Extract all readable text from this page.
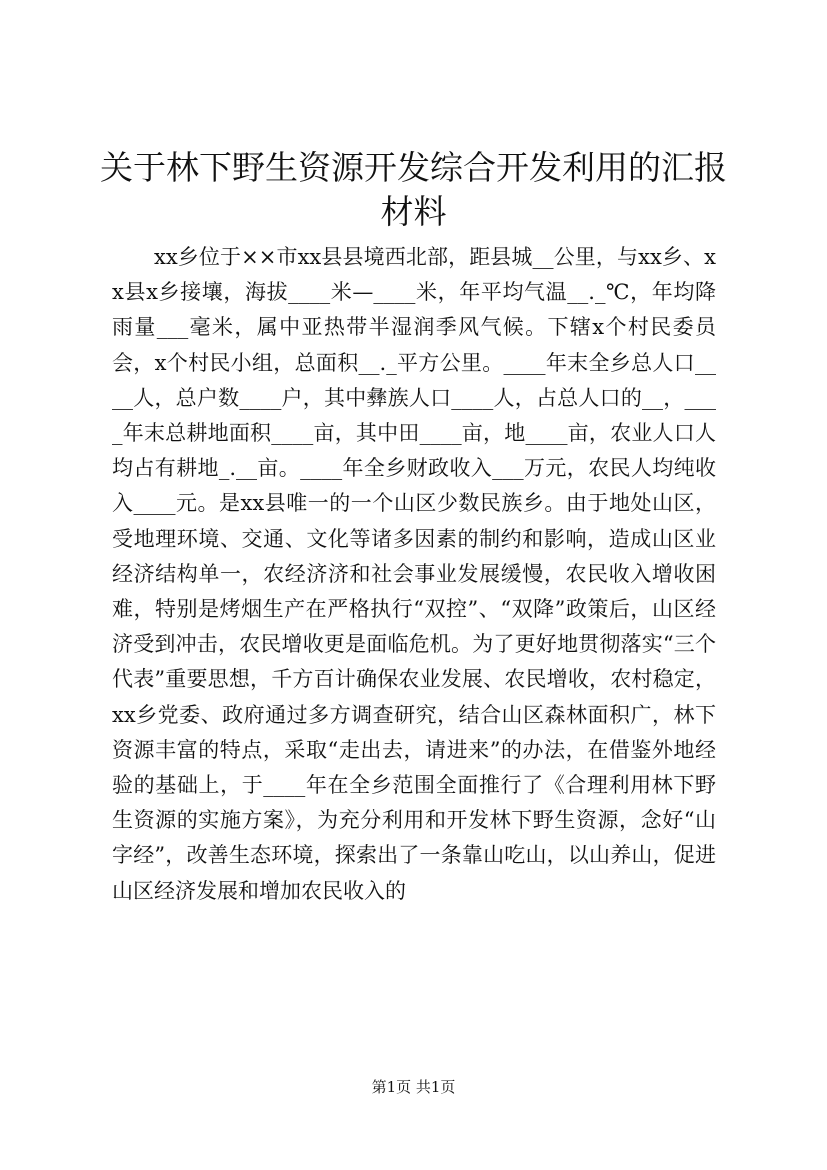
关于林下野生资源开发综合开发利用的汇报材料

xx乡位于××市xx县县境西北部，距县城__公里，与xx乡、xx县x乡接壤，海拔____米—____米，年平均气温__._℃，年均降雨量___毫米，属中亚热带半湿润季风气候。下辖x个村民委员会，x个村民小组，总面积__._平方公里。____年末全乡总人口____人，总户数____户，其中彝族人口____人，占总人口的__，____年末总耕地面积____亩，其中田____亩，地____亩，农业人口人均占有耕地_.__亩。____年全乡财政收入___万元，农民人均纯收入____元。是xx县唯一的一个山区少数民族乡。由于地处山区，受地理环境、交通、文化等诸多因素的制约和影响，造成山区业经济结构单一，农经济济和社会事业发展缓慢，农民收入增收困难，特别是烤烟生产在严格执行“双控”、“双降”政策后，山区经济受到冲击，农民增收更是面临危机。为了更好地贯彻落实“三个代表”重要思想，千方百计确保农业发展、农民增收，农村稳定，xx乡党委、政府通过多方调查研究，结合山区森林面积广，林下资源丰富的特点，采取“走出去，请进来”的办法，在借鉴外地经验的基础上，于____年在全乡范围全面推行了《合理利用林下野生资源的实施方案》，为充分利用和开发林下野生资源，念好“山字经”，改善生态环境，探索出了一条靠山吃山，以山养山，促进山区经济发展和增加农民收入的

第1页 共1页
